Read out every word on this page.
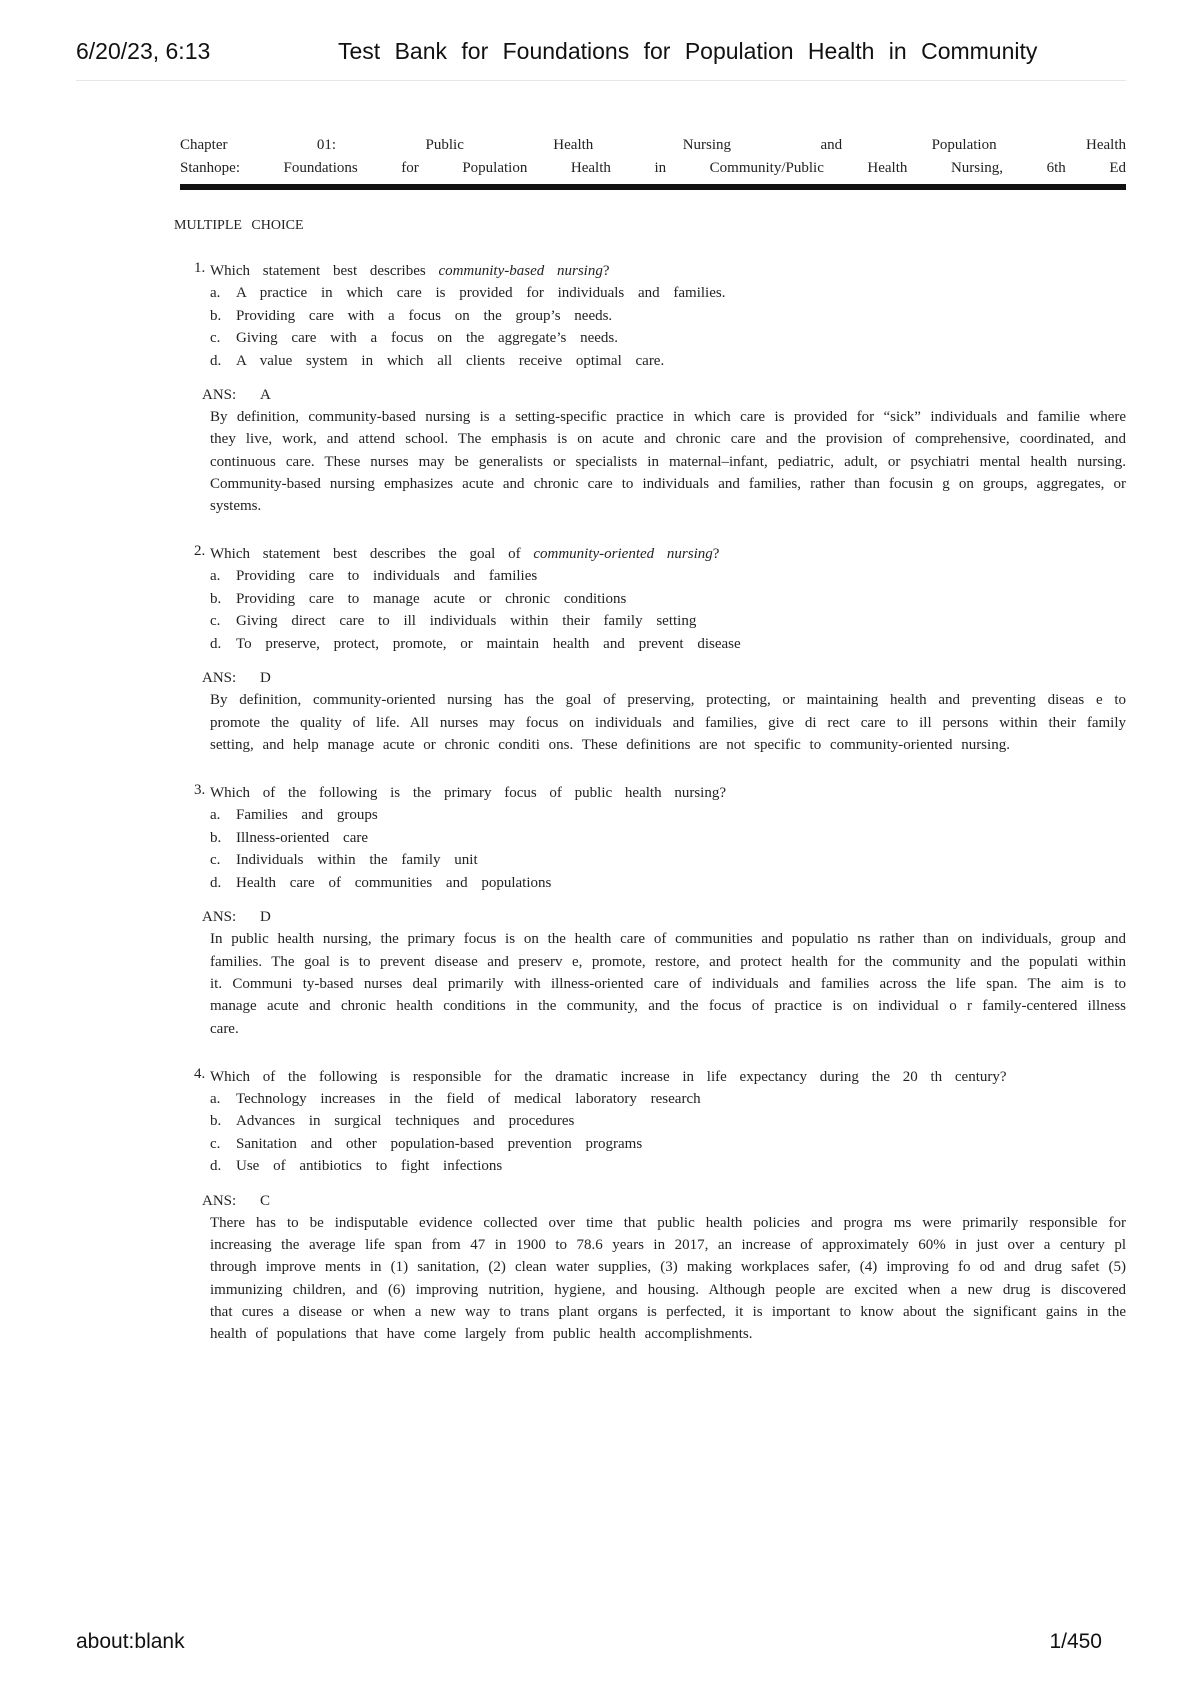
6/20/23, 6:13	Test Bank for Foundations for Population Health in Community
Chapter 01: Public Health Nursing and Population Health
Stanhope: Foundations for Population Health in Community/Public Health Nursing, 6th Ed
MULTIPLE CHOICE
1. Which statement best describes community-based nursing?
a. A practice in which care is provided for individuals and families.
b. Providing care with a focus on the group’s needs.
c. Giving care with a focus on the aggregate’s needs.
d. A value system in which all clients receive optimal care.
ANS: A
By definition, community-based nursing is a setting-specific practice in which care is provided for “sick” individuals and familie where they live, work, and attend school. The emphasis is on acute and chronic care and the provision of comprehensive, coordinated, and continuous care. These nurses may be generalists or specialists in maternal–infant, pediatric, adult, or psychiatri mental health nursing. Community-based nursing emphasizes acute and chronic care to individuals and families, rather than focusin g on groups, aggregates, or systems.
2. Which statement best describes the goal of community-oriented nursing?
a. Providing care to individuals and families
b. Providing care to manage acute or chronic conditions
c. Giving direct care to ill individuals within their family setting
d. To preserve, protect, promote, or maintain health and prevent disease
ANS: D
By definition, community-oriented nursing has the goal of preserving, protecting, or maintaining health and preventing diseas e to promote the quality of life. All nurses may focus on individuals and families, give di rect care to ill persons within their family setting, and help manage acute or chronic conditi ons. These definitions are not specific to community-oriented nursing.
3. Which of the following is the primary focus of public health nursing?
a. Families and groups
b. Illness-oriented care
c. Individuals within the family unit
d. Health care of communities and populations
ANS: D
In public health nursing, the primary focus is on the health care of communities and populatio ns rather than on individuals, group and families. The goal is to prevent disease and preserv e, promote, restore, and protect health for the community and the populati within it. Communi ty-based nurses deal primarily with illness-oriented care of individuals and families across the life span. The aim is to manage acute and chronic health conditions in the community, and the focus of practice is on individual o r family-centered illness care.
4. Which of the following is responsible for the dramatic increase in life expectancy during the 20 th century?
a. Technology increases in the field of medical laboratory research
b. Advances in surgical techniques and procedures
c. Sanitation and other population-based prevention programs
d. Use of antibiotics to fight infections
ANS: C
There has to be indisputable evidence collected over time that public health policies and progra ms were primarily responsible for increasing the average life span from 47 in 1900 to 78.6 years in 2017, an increase of approximately 60% in just over a century pl through improve ments in (1) sanitation, (2) clean water supplies, (3) making workplaces safer, (4) improving fo od and drug safet (5) immunizing children, and (6) improving nutrition, hygiene, and housing. Although people are excited when a new drug is discovered that cures a disease or when a new way to trans plant organs is perfected, it is important to know about the significant gains in the health of populations that have come largely from public health accomplishments.
about:blank	1/450
